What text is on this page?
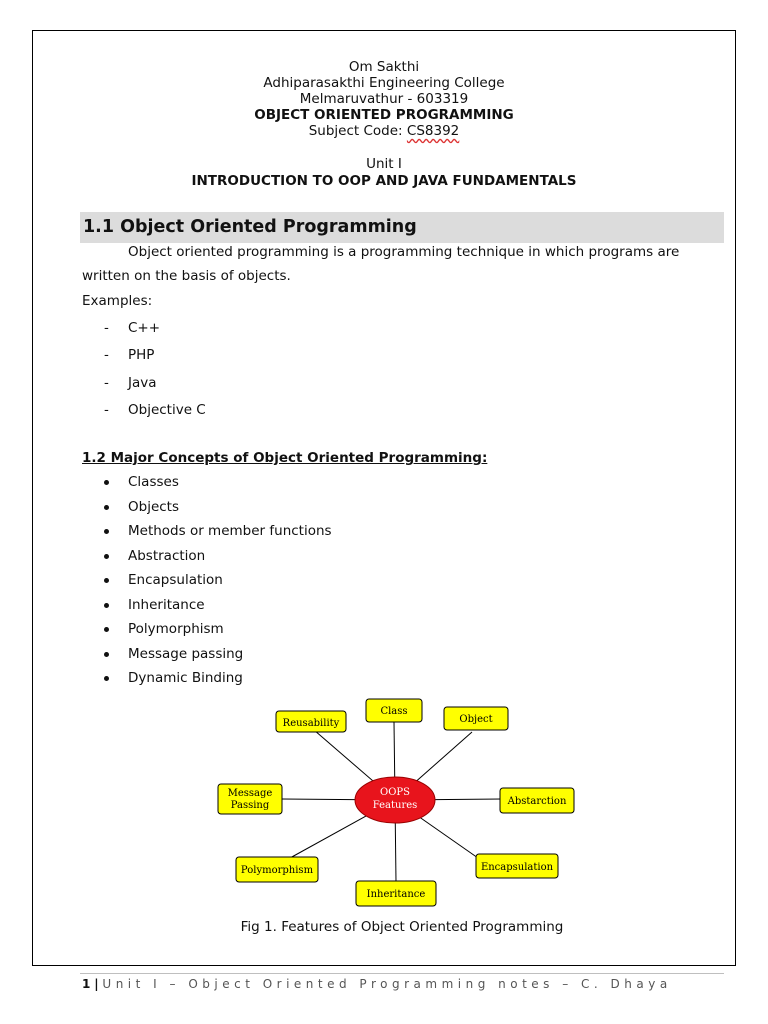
Om Sakthi
Adhiparasakthi Engineering College
Melmaruvathur - 603319
OBJECT ORIENTED PROGRAMMING
Subject Code: CS8392
Unit I
INTRODUCTION TO OOP AND JAVA FUNDAMENTALS
1.1 Object Oriented Programming
Object oriented programming is a programming technique in which programs are
written on the basis of objects.
Examples:
- C++
- PHP
- Java
- Objective C
1.2 Major Concepts of Object Oriented Programming:
Classes
Objects
Methods or member functions
Abstraction
Encapsulation
Inheritance
Polymorphism
Message passing
Dynamic Binding
OOPS
Features
Reusability
Class
Object
Message
Passing	Abstarction
Polymorphism
Inheritance
Encapsulation
Fig 1. Features of Object Oriented Programming
1 | Unit I – Object Oriented Programming notes – C. Dhaya
